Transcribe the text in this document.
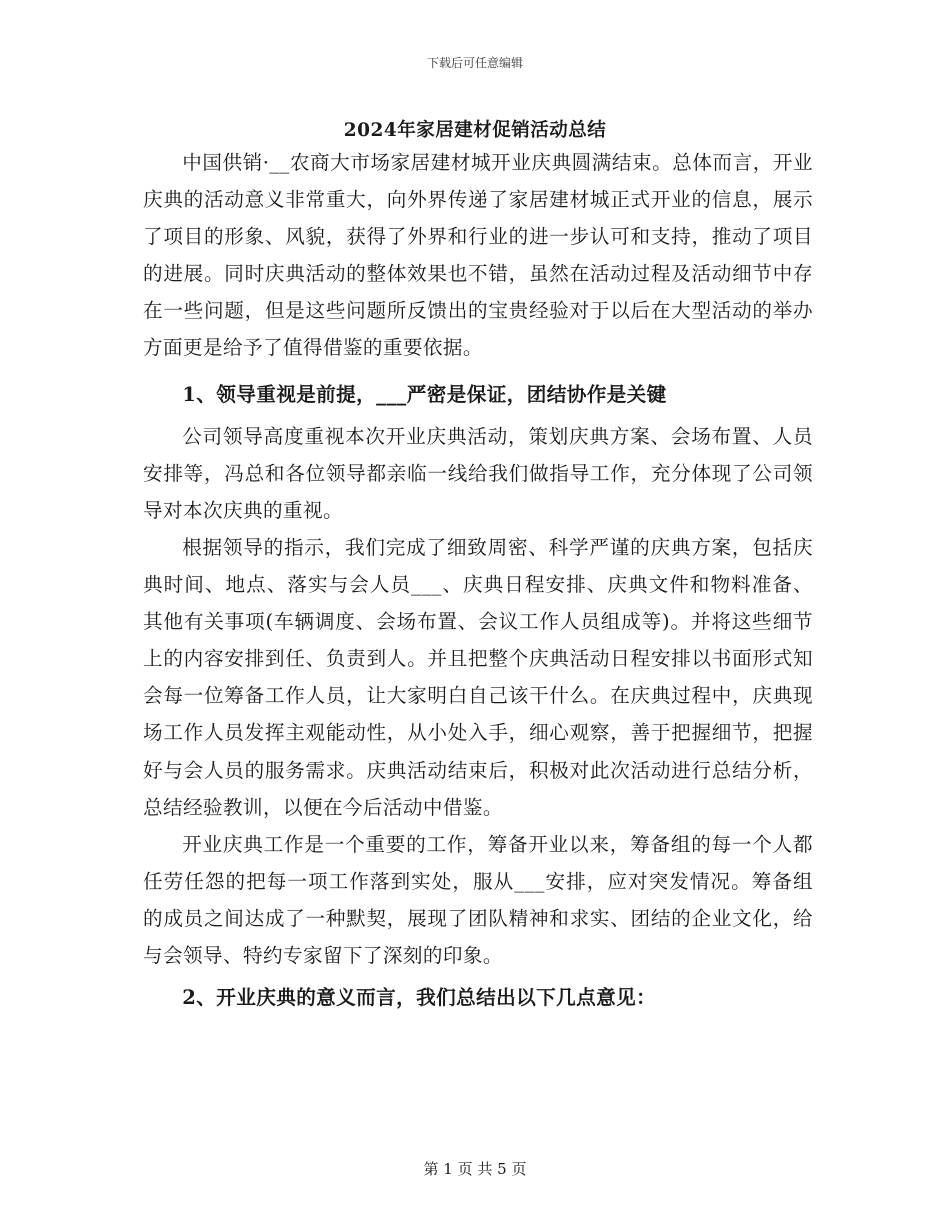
下载后可任意编辑
2024年家居建材促销活动总结

中国供销·__农商大市场家居建材城开业庆典圆满结束。总体而言，开业庆典的活动意义非常重大，向外界传递了家居建材城正式开业的信息，展示了项目的形象、风貌，获得了外界和行业的进一步认可和支持，推动了项目的进展。同时庆典活动的整体效果也不错，虽然在活动过程及活动细节中存在一些问题，但是这些问题所反馈出的宝贵经验对于以后在大型活动的举办方面更是给予了值得借鉴的重要依据。

1、领导重视是前提，___严密是保证，团结协作是关键

公司领导高度重视本次开业庆典活动，策划庆典方案、会场布置、人员安排等，冯总和各位领导都亲临一线给我们做指导工作，充分体现了公司领导对本次庆典的重视。

根据领导的指示，我们完成了细致周密、科学严谨的庆典方案，包括庆典时间、地点、落实与会人员___、庆典日程安排、庆典文件和物料准备、其他有关事项(车辆调度、会场布置、会议工作人员组成等)。并将这些细节上的内容安排到任、负责到人。并且把整个庆典活动日程安排以书面形式知会每一位筹备工作人员，让大家明白自己该干什么。在庆典过程中，庆典现场工作人员发挥主观能动性，从小处入手，细心观察，善于把握细节，把握好与会人员的服务需求。庆典活动结束后，积极对此次活动进行总结分析，总结经验教训，以便在今后活动中借鉴。

开业庆典工作是一个重要的工作，筹备开业以来，筹备组的每一个人都任劳任怨的把每一项工作落到实处，服从___安排，应对突发情况。筹备组的成员之间达成了一种默契，展现了团队精神和求实、团结的企业文化，给与会领导、特约专家留下了深刻的印象。

2、开业庆典的意义而言，我们总结出以下几点意见：

第 1 页 共 5 页
